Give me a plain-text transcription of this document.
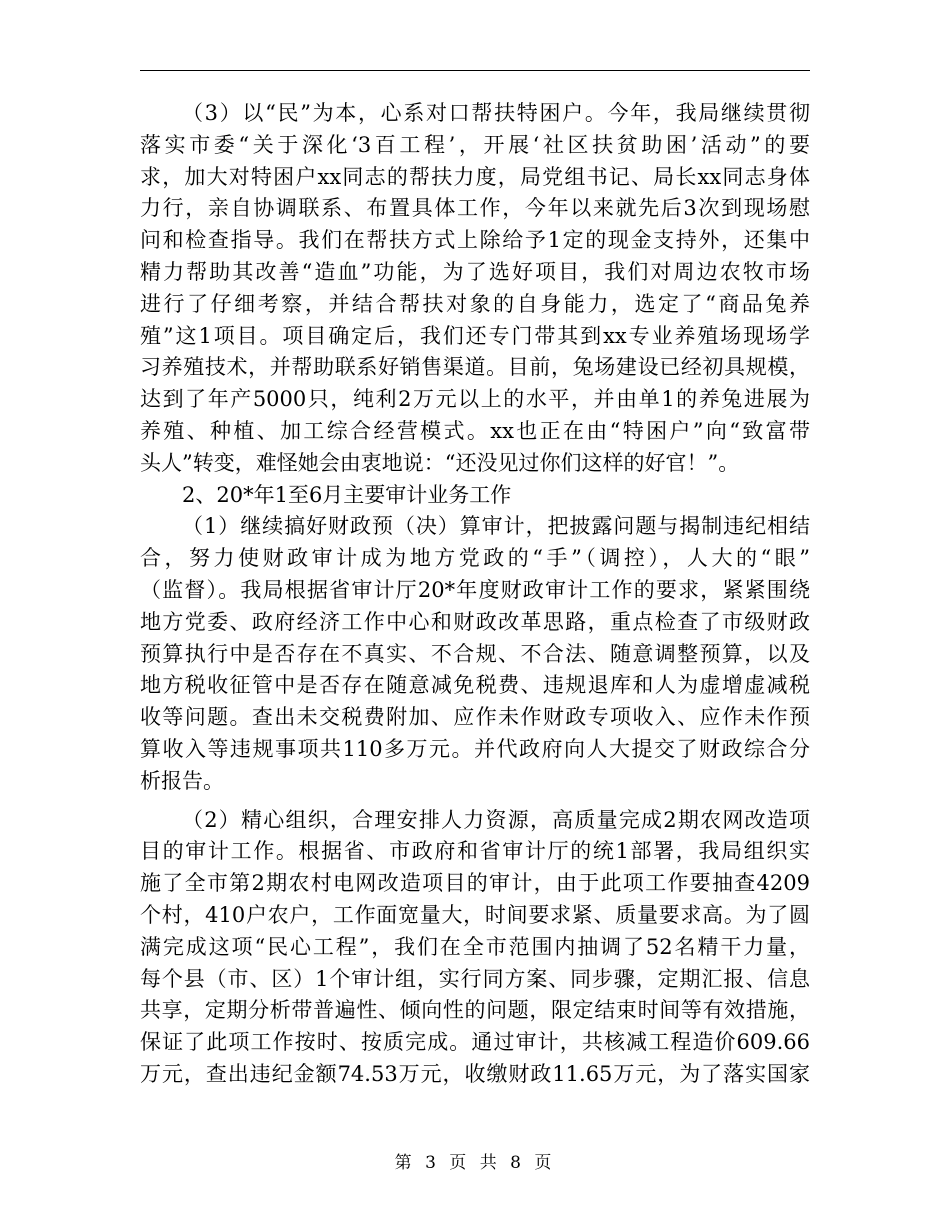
（3）以“民”为本，心系对口帮扶特困户。今年，我局继续贯彻
落实市委“关于深化‘3百工程’，开展‘社区扶贫助困’活动”的要
求，加大对特困户xx同志的帮扶力度，局党组书记、局长xx同志身体
力行，亲自协调联系、布置具体工作，今年以来就先后3次到现场慰
问和检查指导。我们在帮扶方式上除给予1定的现金支持外，还集中
精力帮助其改善“造血”功能，为了选好项目，我们对周边农牧市场
进行了仔细考察，并结合帮扶对象的自身能力，选定了“商品兔养
殖”这1项目。项目确定后，我们还专门带其到xx专业养殖场现场学
习养殖技术，并帮助联系好销售渠道。目前，兔场建设已经初具规模，
达到了年产5000只，纯利2万元以上的水平，并由单1的养兔进展为
养殖、种植、加工综合经营模式。xx也正在由“特困户”向“致富带
头人”转变，难怪她会由衷地说：“还没见过你们这样的好官！”。
2、20*年1至6月主要审计业务工作
（1）继续搞好财政预（决）算审计，把披露问题与揭制违纪相结
合，努力使财政审计成为地方党政的“手”（调控），人大的“眼”
（监督）。我局根据省审计厅20*年度财政审计工作的要求，紧紧围绕
地方党委、政府经济工作中心和财政改革思路，重点检查了市级财政
预算执行中是否存在不真实、不合规、不合法、随意调整预算，以及
地方税收征管中是否存在随意减免税费、违规退库和人为虚增虚减税
收等问题。查出未交税费附加、应作未作财政专项收入、应作未作预
算收入等违规事项共110多万元。并代政府向人大提交了财政综合分
析报告。
（2）精心组织，合理安排人力资源，高质量完成2期农网改造项
目的审计工作。根据省、市政府和省审计厅的统1部署，我局组织实
施了全市第2期农村电网改造项目的审计，由于此项工作要抽查4209
个村，410户农户，工作面宽量大，时间要求紧、质量要求高。为了圆
满完成这项“民心工程”，我们在全市范围内抽调了52名精干力量，
每个县（市、区）1个审计组，实行同方案、同步骤，定期汇报、信息
共享，定期分析带普遍性、倾向性的问题，限定结束时间等有效措施，
保证了此项工作按时、按质完成。通过审计，共核减工程造价609.66
万元，查出违纪金额74.53万元，收缴财政11.65万元，为了落实国家
第 3 页 共 8 页
